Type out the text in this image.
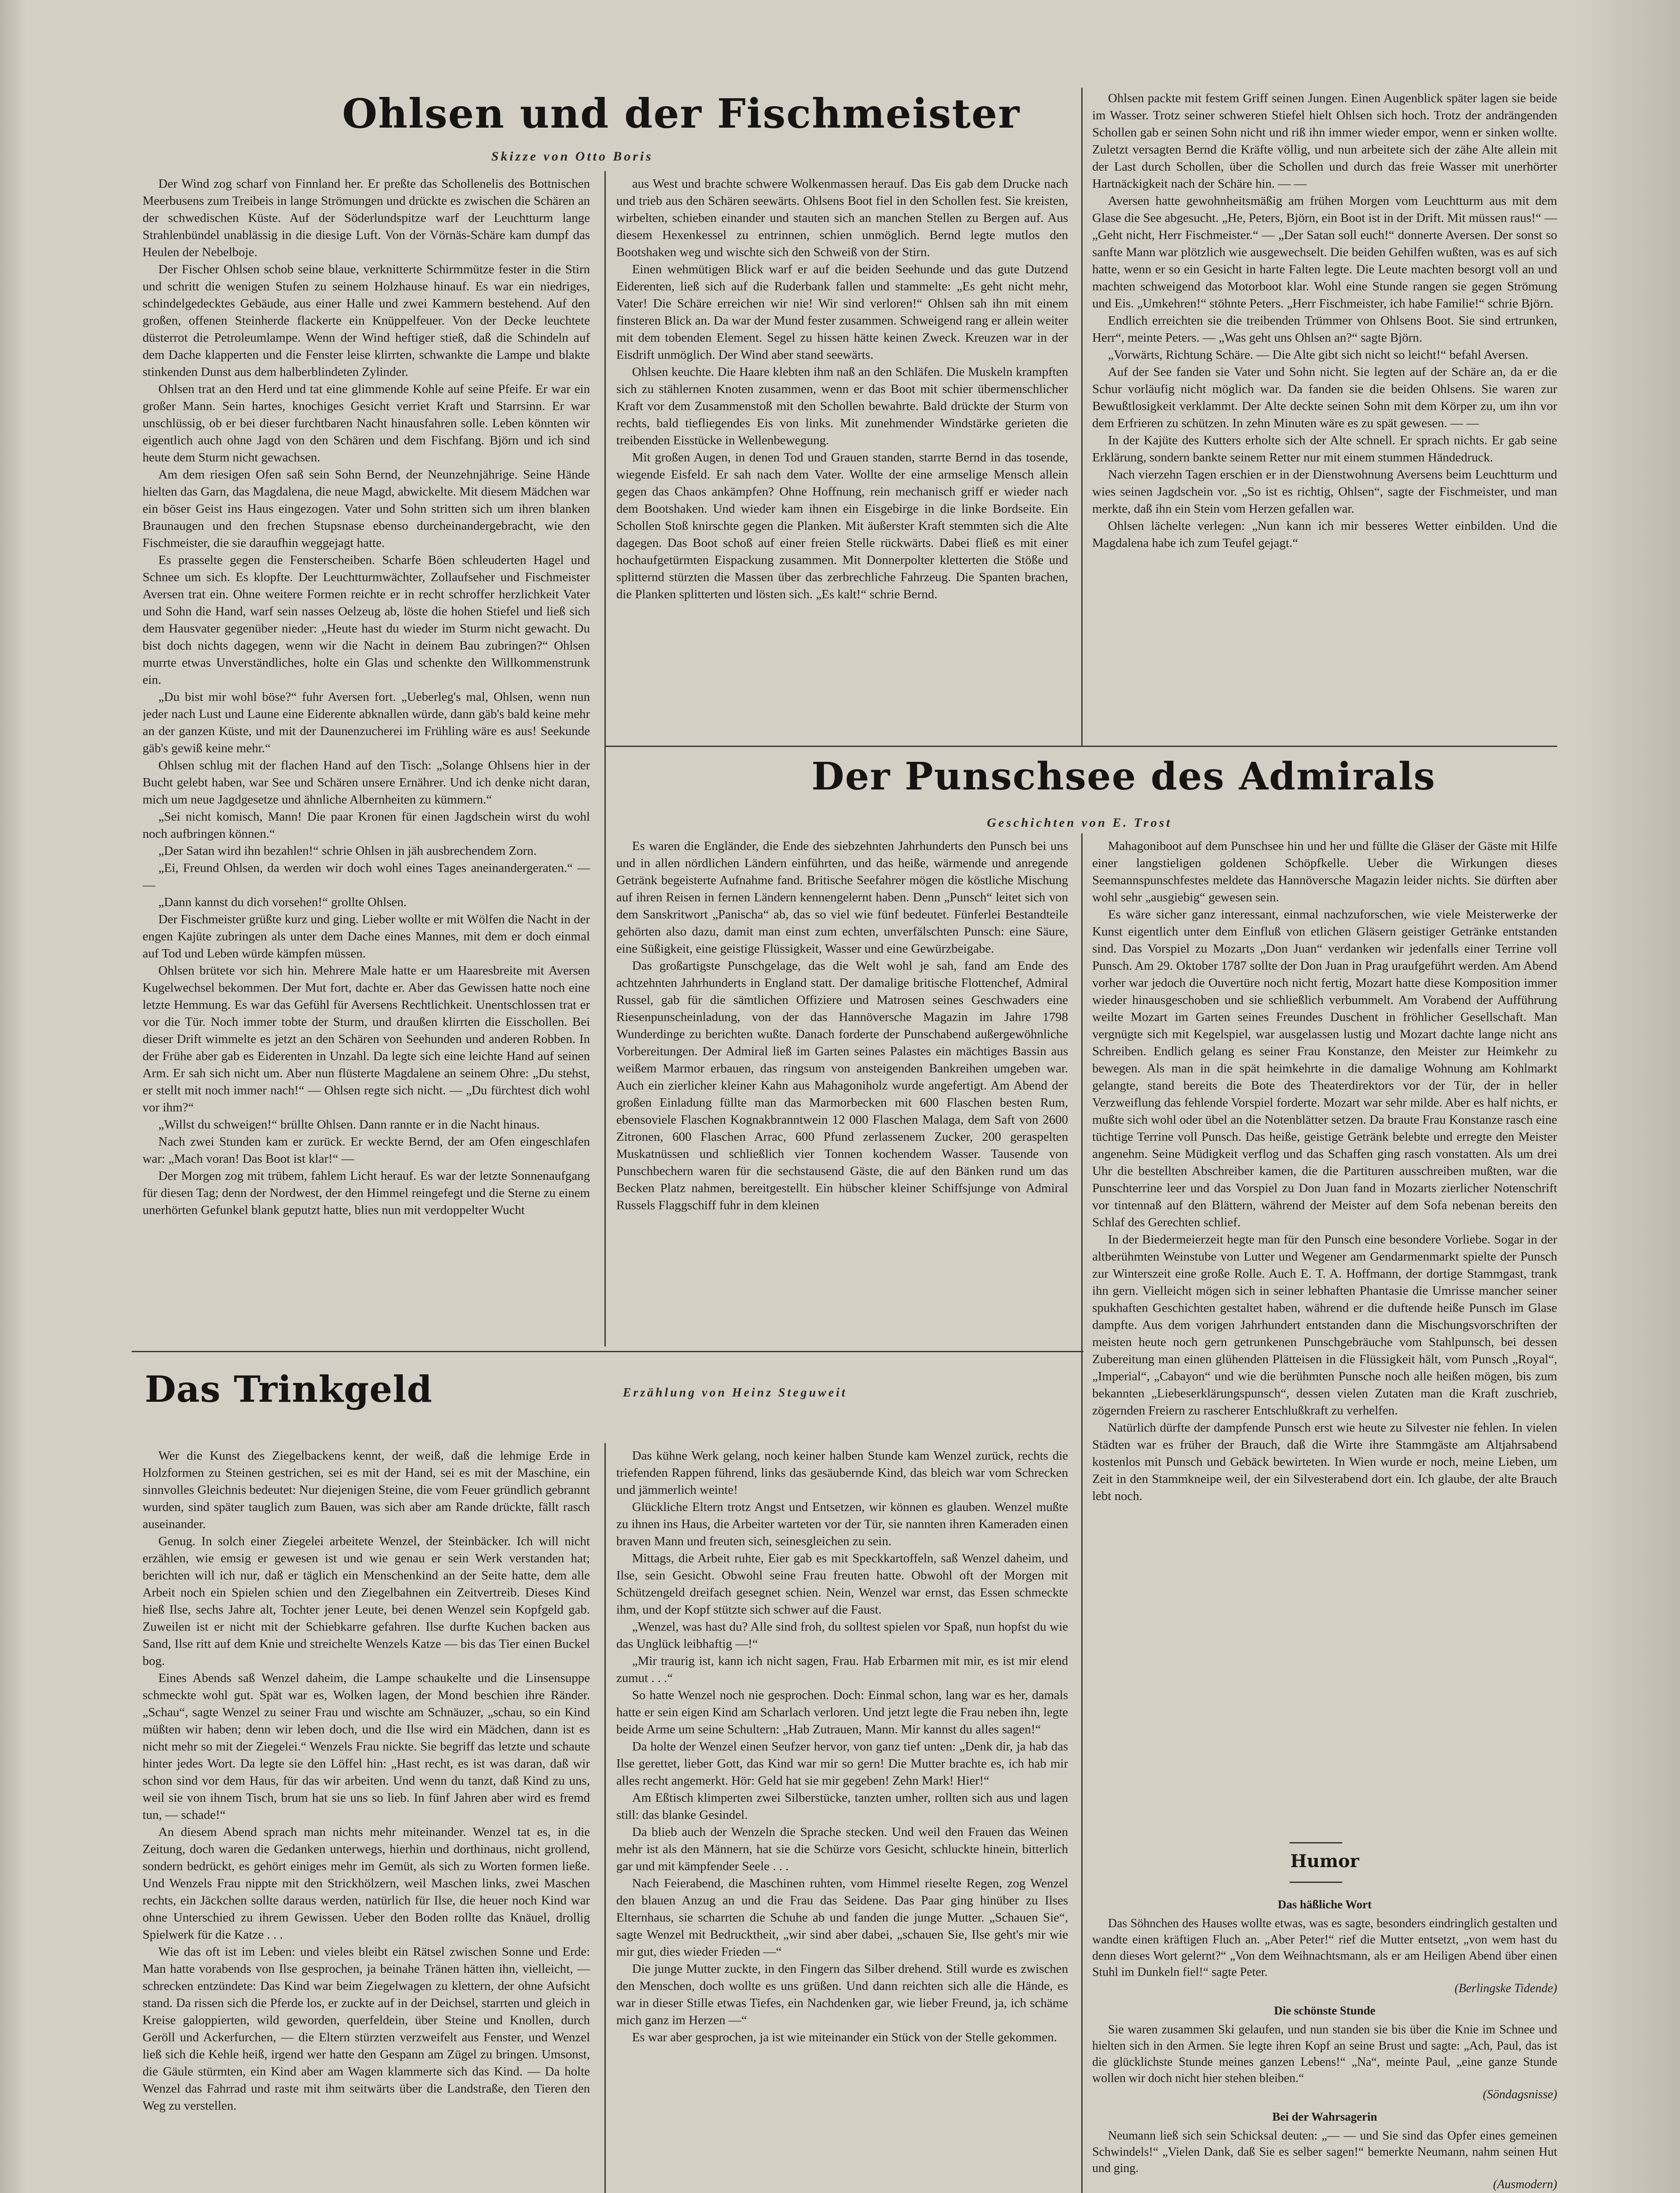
Ohlsen und der Fischmeister
Skizze von Otto Boris

Der Wind zog scharf von Finnland her. Er preßte das Schollenelis des Bottnischen Meerbusens zum Treibeis in lange Strömungen und drückte es zwischen die Schären an der schwedischen Küste. Auf der Söderlundspitze warf der Leuchtturm lange Strahlenbündel unablässig in die diesige Luft. Von der Vörnäs-Schäre kam dumpf das Heulen der Nebelboje.

Der Fischer Ohlsen schob seine blaue, verknitterte Schirmmütze fester in die Stirn und schritt die wenigen Stufen zu seinem Holzhause hinauf. Es war ein niedriges, schindelgedecktes Gebäude, aus einer Halle und zwei Kammern bestehend. Auf den großen, offenen Steinherde flackerte ein Knüppelfeuer. Von der Decke leuchtete düsterrot die Petroleumlampe. Wenn der Wind heftiger stieß, daß die Schindeln auf dem Dache klapperten und die Fenster leise klirrten, schwankte die Lampe und blakte stinkenden Dunst aus dem halberblindeten Zylinder.

Ohlsen trat an den Herd und tat eine glimmende Kohle auf seine Pfeife. Er war ein großer Mann. Sein hartes, knochiges Gesicht verriet Kraft und Starrsinn. Er war unschlüssig, ob er bei dieser furchtbaren Nacht hinausfahren solle. Leben könnten wir eigentlich auch ohne Jagd von den Schären und dem Fischfang. Björn und ich sind heute dem Sturm nicht gewachsen.

Am dem riesigen Ofen saß sein Sohn Bernd, der Neunzehnjährige. Seine Hände hielten das Garn, das Magdalena, die neue Magd, abwickelte. Mit diesem Mädchen war ein böser Geist ins Haus eingezogen. Vater und Sohn stritten sich um ihren blanken Braunaugen und den frechen Stupsnase ebenso durcheinandergebracht, wie den Fischmeister, die sie daraufhin weggejagt hatte.

Es prasselte gegen die Fensterscheiben. Scharfe Böen schleuderten Hagel und Schnee um sich. Es klopfte. Der Leuchtturmwächter, Zollaufseher und Fischmeister Aversen trat ein. Ohne weitere Formen reichte er in recht schroffer herzlichkeit Vater und Sohn die Hand, warf sein nasses Oelzeug ab, löste die hohen Stiefel und ließ sich dem Hausvater gegenüber nieder: „Heute hast du wieder im Sturm nicht gewacht. Du bist doch nichts dagegen, wenn wir die Nacht in deinem Bau zubringen?“ Ohlsen murrte etwas Unverständliches, holte ein Glas und schenkte den Willkommenstrunk ein.

„Du bist mir wohl böse?“ fuhr Aversen fort. „Ueberleg's mal, Ohlsen, wenn nun jeder nach Lust und Laune eine Eiderente abknallen würde, dann gäb's bald keine mehr an der ganzen Küste, und mit der Daunenzucherei im Frühling wäre es aus! Seekunde gäb's gewiß keine mehr.“

Ohlsen schlug mit der flachen Hand auf den Tisch: „Solange Ohlsens hier in der Bucht gelebt haben, war See und Schären unsere Ernährer. Und ich denke nicht daran, mich um neue Jagdgesetze und ähnliche Albernheiten zu kümmern.“

„Sei nicht komisch, Mann! Die paar Kronen für einen Jagdschein wirst du wohl noch aufbringen können.“

„Der Satan wird ihn bezahlen!“ schrie Ohlsen in jäh ausbrechendem Zorn.

„Ei, Freund Ohlsen, da werden wir doch wohl eines Tages aneinandergeraten.“ — —

„Dann kannst du dich vorsehen!“ grollte Ohlsen.

Der Fischmeister grüßte kurz und ging. Lieber wollte er mit Wölfen die Nacht in der engen Kajüte zubringen als unter dem Dache eines Mannes, mit dem er doch einmal auf Tod und Leben würde kämpfen müssen.

Ohlsen brütete vor sich hin. Mehrere Male hatte er um Haaresbreite mit Aversen Kugelwechsel bekommen. Der Mut fort, dachte er. Aber das Gewissen hatte noch eine letzte Hemmung. Es war das Gefühl für Aversens Rechtlichkeit. Unentschlossen trat er vor die Tür. Noch immer tobte der Sturm, und draußen klirrten die Eisschollen. Bei dieser Drift wimmelte es jetzt an den Schären von Seehunden und anderen Robben. In der Frühe aber gab es Eiderenten in Unzahl. Da legte sich eine leichte Hand auf seinen Arm. Er sah sich nicht um. Aber nun flüsterte Magdalene an seinem Ohre: „Du stehst, er stellt mit noch immer nach!“ — Ohlsen regte sich nicht. — „Du fürchtest dich wohl vor ihm?“

„Willst du schweigen!“ brüllte Ohlsen. Dann rannte er in die Nacht hinaus.

Nach zwei Stunden kam er zurück. Er weckte Bernd, der am Ofen eingeschlafen war: „Mach voran! Das Boot ist klar!“ —

Der Morgen zog mit trübem, fahlem Licht herauf. Es war der letzte Sonnenaufgang für diesen Tag; denn der Nordwest, der den Himmel reingefegt und die Sterne zu einem unerhörten Gefunkel blank geputzt hatte, blies nun mit verdoppelter Wucht

aus West und brachte schwere Wolkenmassen herauf. Das Eis gab dem Drucke nach und trieb aus den Schären seewärts. Ohlsens Boot fiel in den Schollen fest. Sie kreisten, wirbelten, schieben einander und stauten sich an manchen Stellen zu Bergen auf. Aus diesem Hexenkessel zu entrinnen, schien unmöglich. Bernd legte mutlos den Bootshaken weg und wischte sich den Schweiß von der Stirn.

Einen wehmütigen Blick warf er auf die beiden Seehunde und das gute Dutzend Eiderenten, ließ sich auf die Ruderbank fallen und stammelte: „Es geht nicht mehr, Vater! Die Schäre erreichen wir nie! Wir sind verloren!“ Ohlsen sah ihn mit einem finsteren Blick an. Da war der Mund fester zusammen. Schweigend rang er allein weiter mit dem tobenden Element. Segel zu hissen hätte keinen Zweck. Kreuzen war in der Eisdrift unmöglich. Der Wind aber stand seewärts.

Ohlsen keuchte. Die Haare klebten ihm naß an den Schläfen. Die Muskeln krampften sich zu stählernen Knoten zusammen, wenn er das Boot mit schier übermenschlicher Kraft vor dem Zusammenstoß mit den Schollen bewahrte. Bald drückte der Sturm von rechts, bald tiefliegendes Eis von links. Mit zunehmender Windstärke gerieten die treibenden Eisstücke in Wellenbewegung.

Mit großen Augen, in denen Tod und Grauen standen, starrte Bernd in das tosende, wiegende Eisfeld. Er sah nach dem Vater. Wollte der eine armselige Mensch allein gegen das Chaos ankämpfen? Ohne Hoffnung, rein mechanisch griff er wieder nach dem Bootshaken. Und wieder kam ihnen ein Eisgebirge in die linke Bordseite. Ein Schollen Stoß knirschte gegen die Planken. Mit äußerster Kraft stemmten sich die Alte dagegen. Das Boot schoß auf einer freien Stelle rückwärts. Dabei fließ es mit einer hochaufgetürmten Eispackung zusammen. Mit Donnerpolter kletterten die Stöße und splitternd stürzten die Massen über das zerbrechliche Fahrzeug. Die Spanten brachen, die Planken splitterten und lösten sich. „Es kalt!“ schrie Bernd.

Ohlsen packte mit festem Griff seinen Jungen. Einen Augenblick später lagen sie beide im Wasser. Trotz seiner schweren Stiefel hielt Ohlsen sich hoch. Trotz der andrängenden Schollen gab er seinen Sohn nicht und riß ihn immer wieder empor, wenn er sinken wollte. Zuletzt versagten Bernd die Kräfte völlig, und nun arbeitete sich der zähe Alte allein mit der Last durch Schollen, über die Schollen und durch das freie Wasser mit unerhörter Hartnäckigkeit nach der Schäre hin. — —

Aversen hatte gewohnheitsmäßig am frühen Morgen vom Leuchtturm aus mit dem Glase die See abgesucht. „He, Peters, Björn, ein Boot ist in der Drift. Mit müssen raus!“ — „Geht nicht, Herr Fischmeister.“ — „Der Satan soll euch!“ donnerte Aversen. Der sonst so sanfte Mann war plötzlich wie ausgewechselt. Die beiden Gehilfen wußten, was es auf sich hatte, wenn er so ein Gesicht in harte Falten legte. Die Leute machten besorgt voll an und machten schweigend das Motorboot klar. Wohl eine Stunde rangen sie gegen Strömung und Eis. „Umkehren!“ stöhnte Peters. „Herr Fischmeister, ich habe Familie!“ schrie Björn.

Endlich erreichten sie die treibenden Trümmer von Ohlsens Boot. Sie sind ertrunken, Herr“, meinte Peters. — „Was geht uns Ohlsen an?“ sagte Björn.

„Vorwärts, Richtung Schäre. — Die Alte gibt sich nicht so leicht!“ befahl Aversen.

Auf der See fanden sie Vater und Sohn nicht. Sie legten auf der Schäre an, da er die Schur vorläufig nicht möglich war. Da fanden sie die beiden Ohlsens. Sie waren zur Bewußtlosigkeit verklammt. Der Alte deckte seinen Sohn mit dem Körper zu, um ihn vor dem Erfrieren zu schützen. In zehn Minuten wäre es zu spät gewesen. — —

In der Kajüte des Kutters erholte sich der Alte schnell. Er sprach nichts. Er gab seine Erklärung, sondern bankte seinem Retter nur mit einem stummen Händedruck.

Nach vierzehn Tagen erschien er in der Dienstwohnung Aversens beim Leuchtturm und wies seinen Jagdschein vor. „So ist es richtig, Ohlsen“, sagte der Fischmeister, und man merkte, daß ihn ein Stein vom Herzen gefallen war.

Ohlsen lächelte verlegen: „Nun kann ich mir besseres Wetter einbilden. Und die Magdalena habe ich zum Teufel gejagt.“

Der Punschsee des Admirals
Geschichten von E. Trost

Es waren die Engländer, die Ende des siebzehnten Jahrhunderts den Punsch bei uns und in allen nördlichen Ländern einführten, und das heiße, wärmende und anregende Getränk begeisterte Aufnahme fand. Britische Seefahrer mögen die köstliche Mischung auf ihren Reisen in fernen Ländern kennengelernt haben. Denn „Punsch“ leitet sich von dem Sanskritwort „Panischa“ ab, das so viel wie fünf bedeutet. Fünferlei Bestandteile gehörten also dazu, damit man einst zum echten, unverfälschten Punsch: eine Säure, eine Süßigkeit, eine geistige Flüssigkeit, Wasser und eine Gewürzbeigabe.

Das großartigste Punschgelage, das die Welt wohl je sah, fand am Ende des achtzehnten Jahrhunderts in England statt. Der damalige britische Flottenchef, Admiral Russel, gab für die sämtlichen Offiziere und Matrosen seines Geschwaders eine Riesenpunscheinladung, von der das Hannöversche Magazin im Jahre 1798 Wunderdinge zu berichten wußte. Danach forderte der Punschabend außergewöhnliche Vorbereitungen. Der Admiral ließ im Garten seines Palastes ein mächtiges Bassin aus weißem Marmor erbauen, das ringsum von ansteigenden Bankreihen umgeben war. Auch ein zierlicher kleiner Kahn aus Mahagoniholz wurde angefertigt. Am Abend der großen Einladung füllte man das Marmorbecken mit 600 Flaschen besten Rum, ebensoviele Flaschen Kognakbranntwein 12 000 Flaschen Malaga, dem Saft von 2600 Zitronen, 600 Flaschen Arrac, 600 Pfund zerlassenem Zucker, 200 geraspelten Muskatnüssen und schließlich vier Tonnen kochendem Wasser. Tausende von Punschbechern waren für die sechstausend Gäste, die auf den Bänken rund um das Becken Platz nahmen, bereitgestellt. Ein hübscher kleiner Schiffsjunge von Admiral Russels Flaggschiff fuhr in dem kleinen

Mahagoniboot auf dem Punschsee hin und her und füllte die Gläser der Gäste mit Hilfe einer langstieligen goldenen Schöpfkelle. Ueber die Wirkungen dieses Seemannspunschfestes meldete das Hannöversche Magazin leider nichts. Sie dürften aber wohl sehr „ausgiebig“ gewesen sein.

Es wäre sicher ganz interessant, einmal nachzuforschen, wie viele Meisterwerke der Kunst eigentlich unter dem Einfluß von etlichen Gläsern geistiger Getränke entstanden sind. Das Vorspiel zu Mozarts „Don Juan“ verdanken wir jedenfalls einer Terrine voll Punsch. Am 29. Oktober 1787 sollte der Don Juan in Prag uraufgeführt werden. Am Abend vorher war jedoch die Ouvertüre noch nicht fertig, Mozart hatte diese Komposition immer wieder hinausgeschoben und sie schließlich verbummelt. Am Vorabend der Aufführung weilte Mozart im Garten seines Freundes Duschent in fröhlicher Gesellschaft. Man vergnügte sich mit Kegelspiel, war ausgelassen lustig und Mozart dachte lange nicht ans Schreiben. Endlich gelang es seiner Frau Konstanze, den Meister zur Heimkehr zu bewegen. Als man in die spät heimkehrte in die damalige Wohnung am Kohlmarkt gelangte, stand bereits die Bote des Theaterdirektors vor der Tür, der in heller Verzweiflung das fehlende Vorspiel forderte. Mozart war sehr milde. Aber es half nichts, er mußte sich wohl oder übel an die Notenblätter setzen. Da braute Frau Konstanze rasch eine tüchtige Terrine voll Punsch. Das heiße, geistige Getränk belebte und erregte den Meister angenehm. Seine Müdigkeit verflog und das Schaffen ging rasch vonstatten. Als um drei Uhr die bestellten Abschreiber kamen, die die Partituren ausschreiben mußten, war die Punschterrine leer und das Vorspiel zu Don Juan fand in Mozarts zierlicher Notenschrift vor tintennaß auf den Blättern, während der Meister auf dem Sofa nebenan bereits den Schlaf des Gerechten schlief.

In der Biedermeierzeit hegte man für den Punsch eine besondere Vorliebe. Sogar in der altberühmten Weinstube von Lutter und Wegener am Gendarmenmarkt spielte der Punsch zur Winterszeit eine große Rolle. Auch E. T. A. Hoffmann, der dortige Stammgast, trank ihn gern. Vielleicht mögen sich in seiner lebhaften Phantasie die Umrisse mancher seiner spukhaften Geschichten gestaltet haben, während er die duftende heiße Punsch im Glase dampfte. Aus dem vorigen Jahrhundert entstanden dann die Mischungsvorschriften der meisten heute noch gern getrunkenen Punschgebräuche vom Stahlpunsch, bei dessen Zubereitung man einen glühenden Plätteisen in die Flüssigkeit hält, vom Punsch „Royal“, „Imperial“, „Cabayon“ und wie die berühmten Punsche noch alle heißen mögen, bis zum bekannten „Liebeserklärungspunsch“, dessen vielen Zutaten man die Kraft zuschrieb, zögernden Freiern zu rascherer Entschlußkraft zu verhelfen.

Natürlich dürfte der dampfende Punsch erst wie heute zu Silvester nie fehlen. In vielen Städten war es früher der Brauch, daß die Wirte ihre Stammgäste am Altjahrsabend kostenlos mit Punsch und Gebäck bewirteten. In Wien wurde er noch, meine Lieben, um Zeit in den Stammkneipe weil, der ein Silvesterabend dort ein. Ich glaube, der alte Brauch lebt noch.

Humor
Das häßliche Wort

Das Söhnchen des Hauses wollte etwas, was es sagte, besonders eindringlich gestalten und wandte einen kräftigen Fluch an. „Aber Peter!“ rief die Mutter entsetzt, „von wem hast du denn dieses Wort gelernt?“ „Von dem Weihnachtsmann, als er am Heiligen Abend über einen Stuhl im Dunkeln fiel!“ sagte Peter.

(Berlingske Tidende)
Die schönste Stunde

Sie waren zusammen Ski gelaufen, und nun standen sie bis über die Knie im Schnee und hielten sich in den Armen. Sie legte ihren Kopf an seine Brust und sagte: „Ach, Paul, das ist die glücklichste Stunde meines ganzen Lebens!“ „Na“, meinte Paul, „eine ganze Stunde wollen wir doch nicht hier stehen bleiben.“

(Söndagsnisse)
Bei der Wahrsagerin

Neumann ließ sich sein Schicksal deuten: „— — und Sie sind das Opfer eines gemeinen Schwindels!“ „Vielen Dank, daß Sie es selber sagen!“ bemerkte Neumann, nahm seinen Hut und ging.

(Ausmodern)
Das Trinkgeld	Erzählung von Heinz Steguweit

Wer die Kunst des Ziegelbackens kennt, der weiß, daß die lehmige Erde in Holzformen zu Steinen gestrichen, sei es mit der Hand, sei es mit der Maschine, ein sinnvolles Gleichnis bedeutet: Nur diejenigen Steine, die vom Feuer gründlich gebrannt wurden, sind später tauglich zum Bauen, was sich aber am Rande drückte, fällt rasch auseinander.

Genug. In solch einer Ziegelei arbeitete Wenzel, der Steinbäcker. Ich will nicht erzählen, wie emsig er gewesen ist und wie genau er sein Werk verstanden hat; berichten will ich nur, daß er täglich ein Menschenkind an der Seite hatte, dem alle Arbeit noch ein Spielen schien und den Ziegelbahnen ein Zeitvertreib. Dieses Kind hieß Ilse, sechs Jahre alt, Tochter jener Leute, bei denen Wenzel sein Kopfgeld gab. Zuweilen ist er nicht mit der Schiebkarre gefahren. Ilse durfte Kuchen backen aus Sand, Ilse ritt auf dem Knie und streichelte Wenzels Katze — bis das Tier einen Buckel bog.

Eines Abends saß Wenzel daheim, die Lampe schaukelte und die Linsensuppe schmeckte wohl gut. Spät war es, Wolken lagen, der Mond beschien ihre Ränder. „Schau“, sagte Wenzel zu seiner Frau und wischte am Schnäuzer, „schau, so ein Kind müßten wir haben; denn wir leben doch, und die Ilse wird ein Mädchen, dann ist es nicht mehr so mit der Ziegelei.“ Wenzels Frau nickte. Sie begriff das letzte und schaute hinter jedes Wort. Da legte sie den Löffel hin: „Hast recht, es ist was daran, daß wir schon sind vor dem Haus, für das wir arbeiten. Und wenn du tanzt, daß Kind zu uns, weil sie von ihnem Tisch, brum hat sie uns so lieb. In fünf Jahren aber wird es fremd tun, — schade!“

An diesem Abend sprach man nichts mehr miteinander. Wenzel tat es, in die Zeitung, doch waren die Gedanken unterwegs, hierhin und dorthinaus, nicht grollend, sondern bedrückt, es gehört einiges mehr im Gemüt, als sich zu Worten formen ließe. Und Wenzels Frau nippte mit den Strickhölzern, weil Maschen links, zwei Maschen rechts, ein Jäckchen sollte daraus werden, natürlich für Ilse, die heuer noch Kind war ohne Unterschied zu ihrem Gewissen. Ueber den Boden rollte das Knäuel, drollig Spielwerk für die Katze . . .

Wie das oft ist im Leben: und vieles bleibt ein Rätsel zwischen Sonne und Erde: Man hatte vorabends von Ilse gesprochen, ja beinahe Tränen hätten ihn, vielleicht, — schrecken entzündete: Das Kind war beim Ziegelwagen zu klettern, der ohne Aufsicht stand. Da rissen sich die Pferde los, er zuckte auf in der Deichsel, starrten und gleich in Kreise galoppierten, wild geworden, querfeldein, über Steine und Knollen, durch Geröll und Ackerfurchen, — die Eltern stürzten verzweifelt aus Fenster, und Wenzel ließ sich die Kehle heiß, irgend wer hatte den Gespann am Zügel zu bringen. Umsonst, die Gäule stürmten, ein Kind aber am Wagen klammerte sich das Kind. — Da holte Wenzel das Fahrrad und raste mit ihm seitwärts über die Landstraße, den Tieren den Weg zu verstellen.

Das kühne Werk gelang, noch keiner halben Stunde kam Wenzel zurück, rechts die triefenden Rappen führend, links das gesäubernde Kind, das bleich war vom Schrecken und jämmerlich weinte!

Glückliche Eltern trotz Angst und Entsetzen, wir können es glauben. Wenzel mußte zu ihnen ins Haus, die Arbeiter warteten vor der Tür, sie nannten ihren Kameraden einen braven Mann und freuten sich, seinesgleichen zu sein.

Mittags, die Arbeit ruhte, Eier gab es mit Speckkartoffeln, saß Wenzel daheim, und Ilse, sein Gesicht. Obwohl seine Frau freuten hatte. Obwohl oft der Morgen mit Schützengeld dreifach gesegnet schien. Nein, Wenzel war ernst, das Essen schmeckte ihm, und der Kopf stützte sich schwer auf die Faust.

„Wenzel, was hast du? Alle sind froh, du solltest spielen vor Spaß, nun hopfst du wie das Unglück leibhaftig —!“

„Mir traurig ist, kann ich nicht sagen, Frau. Hab Erbarmen mit mir, es ist mir elend zumut . . .“

So hatte Wenzel noch nie gesprochen. Doch: Einmal schon, lang war es her, damals hatte er sein eigen Kind am Scharlach verloren. Und jetzt legte die Frau neben ihn, legte beide Arme um seine Schultern: „Hab Zutrauen, Mann. Mir kannst du alles sagen!“

Da holte der Wenzel einen Seufzer hervor, von ganz tief unten: „Denk dir, ja hab das Ilse gerettet, lieber Gott, das Kind war mir so gern! Die Mutter brachte es, ich hab mir alles recht angemerkt. Hör: Geld hat sie mir gegeben! Zehn Mark! Hier!“

Am Eßtisch klimperten zwei Silberstücke, tanzten umher, rollten sich aus und lagen still: das blanke Gesindel.

Da blieb auch der Wenzeln die Sprache stecken. Und weil den Frauen das Weinen mehr ist als den Männern, hat sie die Schürze vors Gesicht, schluckte hinein, bitterlich gar und mit kämpfender Seele . . .

Nach Feierabend, die Maschinen ruhten, vom Himmel rieselte Regen, zog Wenzel den blauen Anzug an und die Frau das Seidene. Das Paar ging hinüber zu Ilses Elternhaus, sie scharrten die Schuhe ab und fanden die junge Mutter. „Schauen Sie“, sagte Wenzel mit Bedrucktheit, „wir sind aber dabei, „schauen Sie, Ilse geht's mir wie mir gut, dies wieder Frieden —“

Die junge Mutter zuckte, in den Fingern das Silber drehend. Still wurde es zwischen den Menschen, doch wollte es uns grüßen. Und dann reichten sich alle die Hände, es war in dieser Stille etwas Tiefes, ein Nachdenken gar, wie lieber Freund, ja, ich schäme mich ganz im Herzen —“

Es war aber gesprochen, ja ist wie miteinander ein Stück von der Stelle gekommen.
